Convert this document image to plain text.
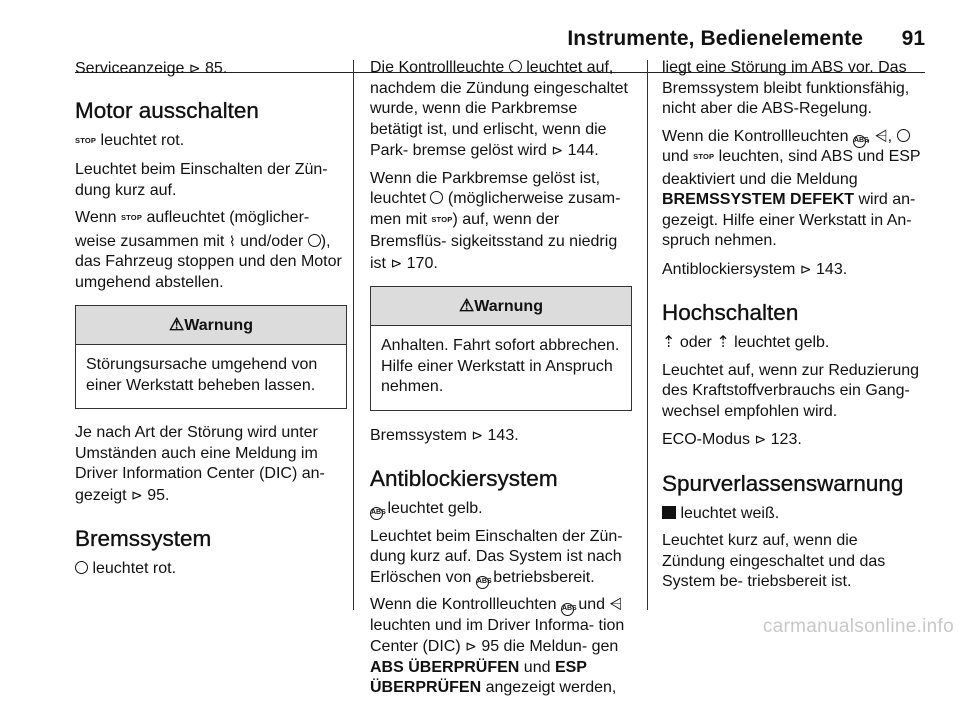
Instrumente, Bedienelemente 91

Serviceanzeige ⊳ 85.

Motor ausschalten

STOP leuchtet rot.

Leuchtet beim Einschalten der Zün- dung kurz auf.

Wenn STOP aufleuchtet (möglicher- weise zusammen mit ⌇ und/oder ), das Fahrzeug stoppen und den Motor umgehend abstellen.

⚠Warnung
Störungsursache umgehend von einer Werkstatt beheben lassen.

Je nach Art der Störung wird unter Umständen auch eine Meldung im Driver Information Center (DIC) an- gezeigt ⊳ 95.

Bremssystem

leuchtet rot.

Die Kontrollleuchte  leuchtet auf, nachdem die Zündung eingeschaltet wurde, wenn die Parkbremse betätigt ist, und erlischt, wenn die Park- bremse gelöst wird ⊳ 144.

Wenn die Parkbremse gelöst ist, leuchtet  (möglicherweise zusam- men mit STOP) auf, wenn der Bremsflüs- sigkeitsstand zu niedrig ist ⊳ 170.

⚠Warnung
Anhalten. Fahrt sofort abbrechen. Hilfe einer Werkstatt in Anspruch nehmen.

Bremssystem ⊳ 143.

Antiblockiersystem

ABS leuchtet gelb.

Leuchtet beim Einschalten der Zün- dung kurz auf. Das System ist nach Erlöschen von ABS betriebsbereit.

Wenn die Kontrollleuchten ABS und ⩤ leuchten und im Driver Informa- tion Center (DIC) ⊳ 95 die Meldun- gen ABS ÜBERPRÜFEN und ESP ÜBERPRÜFEN angezeigt werden,

liegt eine Störung im ABS vor. Das Bremssystem bleibt funktionsfähig, nicht aber die ABS-Regelung.

Wenn die Kontrollleuchten ABS, ⩤,  und STOP leuchten, sind ABS und ESP deaktiviert und die Meldung BREMSSYSTEM DEFEKT wird an- gezeigt. Hilfe einer Werkstatt in An- spruch nehmen.

Antiblockiersystem ⊳ 143.

Hochschalten

⇡ oder ⇡ leuchtet gelb.

Leuchtet auf, wenn zur Reduzierung des Kraftstoffverbrauchs ein Gang- wechsel empfohlen wird.

ECO-Modus ⊳ 123.

Spurverlassenswarnung

leuchtet weiß.

Leuchtet kurz auf, wenn die Zündung eingeschaltet und das System be- triebsbereit ist.

carmanualsonline.info
